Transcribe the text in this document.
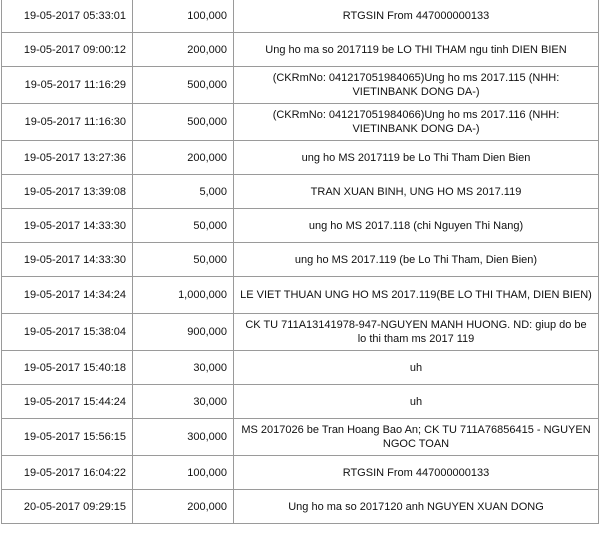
19-05-2017 05:33:01	100,000	RTGSIN From 447000000133
19-05-2017 09:00:12	200,000	Ung ho ma so 2017119 be LO THI THAM ngu tinh DIEN BIEN
19-05-2017 11:16:29	500,000	(CKRmNo: 041217051984065)Ung ho ms 2017.115 (NHH: VIETINBANK DONG DA-)
19-05-2017 11:16:30	500,000	(CKRmNo: 041217051984066)Ung ho ms 2017.116 (NHH: VIETINBANK DONG DA-)
19-05-2017 13:27:36	200,000	ung ho MS 2017119 be Lo Thi Tham Dien Bien
19-05-2017 13:39:08	5,000	TRAN XUAN BINH, UNG HO MS 2017.119
19-05-2017 14:33:30	50,000	ung ho MS 2017.118 (chi Nguyen Thi Nang)
19-05-2017 14:33:30	50,000	ung ho MS 2017.119 (be Lo Thi Tham, Dien Bien)
19-05-2017 14:34:24	1,000,000	LE VIET THUAN UNG HO MS 2017.119(BE LO THI THAM, DIEN BIEN)
19-05-2017 15:38:04	900,000	CK TU 711A13141978-947-NGUYEN MANH HUONG. ND: giup do be lo thi tham ms 2017 119
19-05-2017 15:40:18	30,000	uh
19-05-2017 15:44:24	30,000	uh
19-05-2017 15:56:15	300,000	MS 2017026 be Tran Hoang Bao An; CK TU 711A76856415 - NGUYEN NGOC TOAN
19-05-2017 16:04:22	100,000	RTGSIN From 447000000133
20-05-2017 09:29:15	200,000	Ung ho ma so 2017120 anh NGUYEN XUAN DONG
